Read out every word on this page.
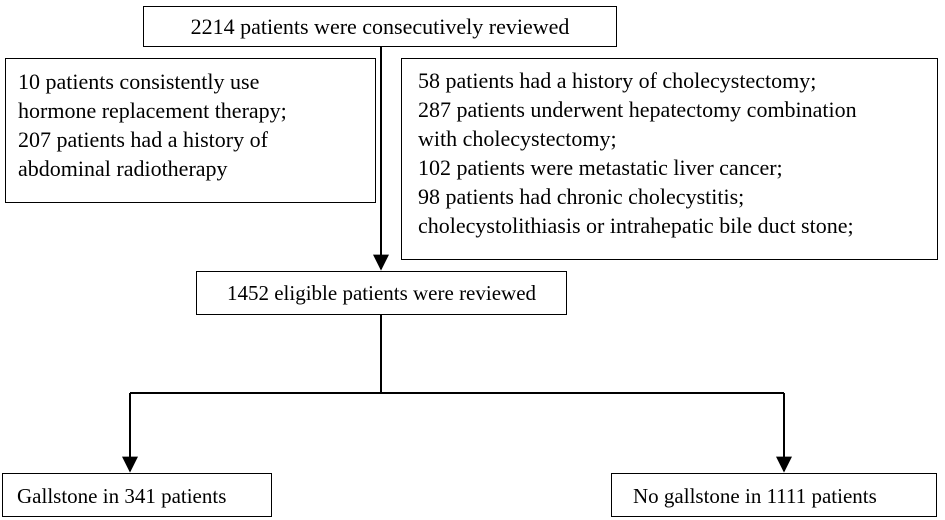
2214 patients were consecutively reviewed
10 patients consistently use
hormone replacement therapy;
207 patients had a history of
abdominal radiotherapy
58 patients had a history of cholecystectomy;
287 patients underwent hepatectomy combination
with cholecystectomy;
102 patients were metastatic liver cancer;
98 patients had chronic cholecystitis;
cholecystolithiasis or intrahepatic bile duct stone;
1452 eligible patients were reviewed
Gallstone in 341 patients	No gallstone in 1111 patients
